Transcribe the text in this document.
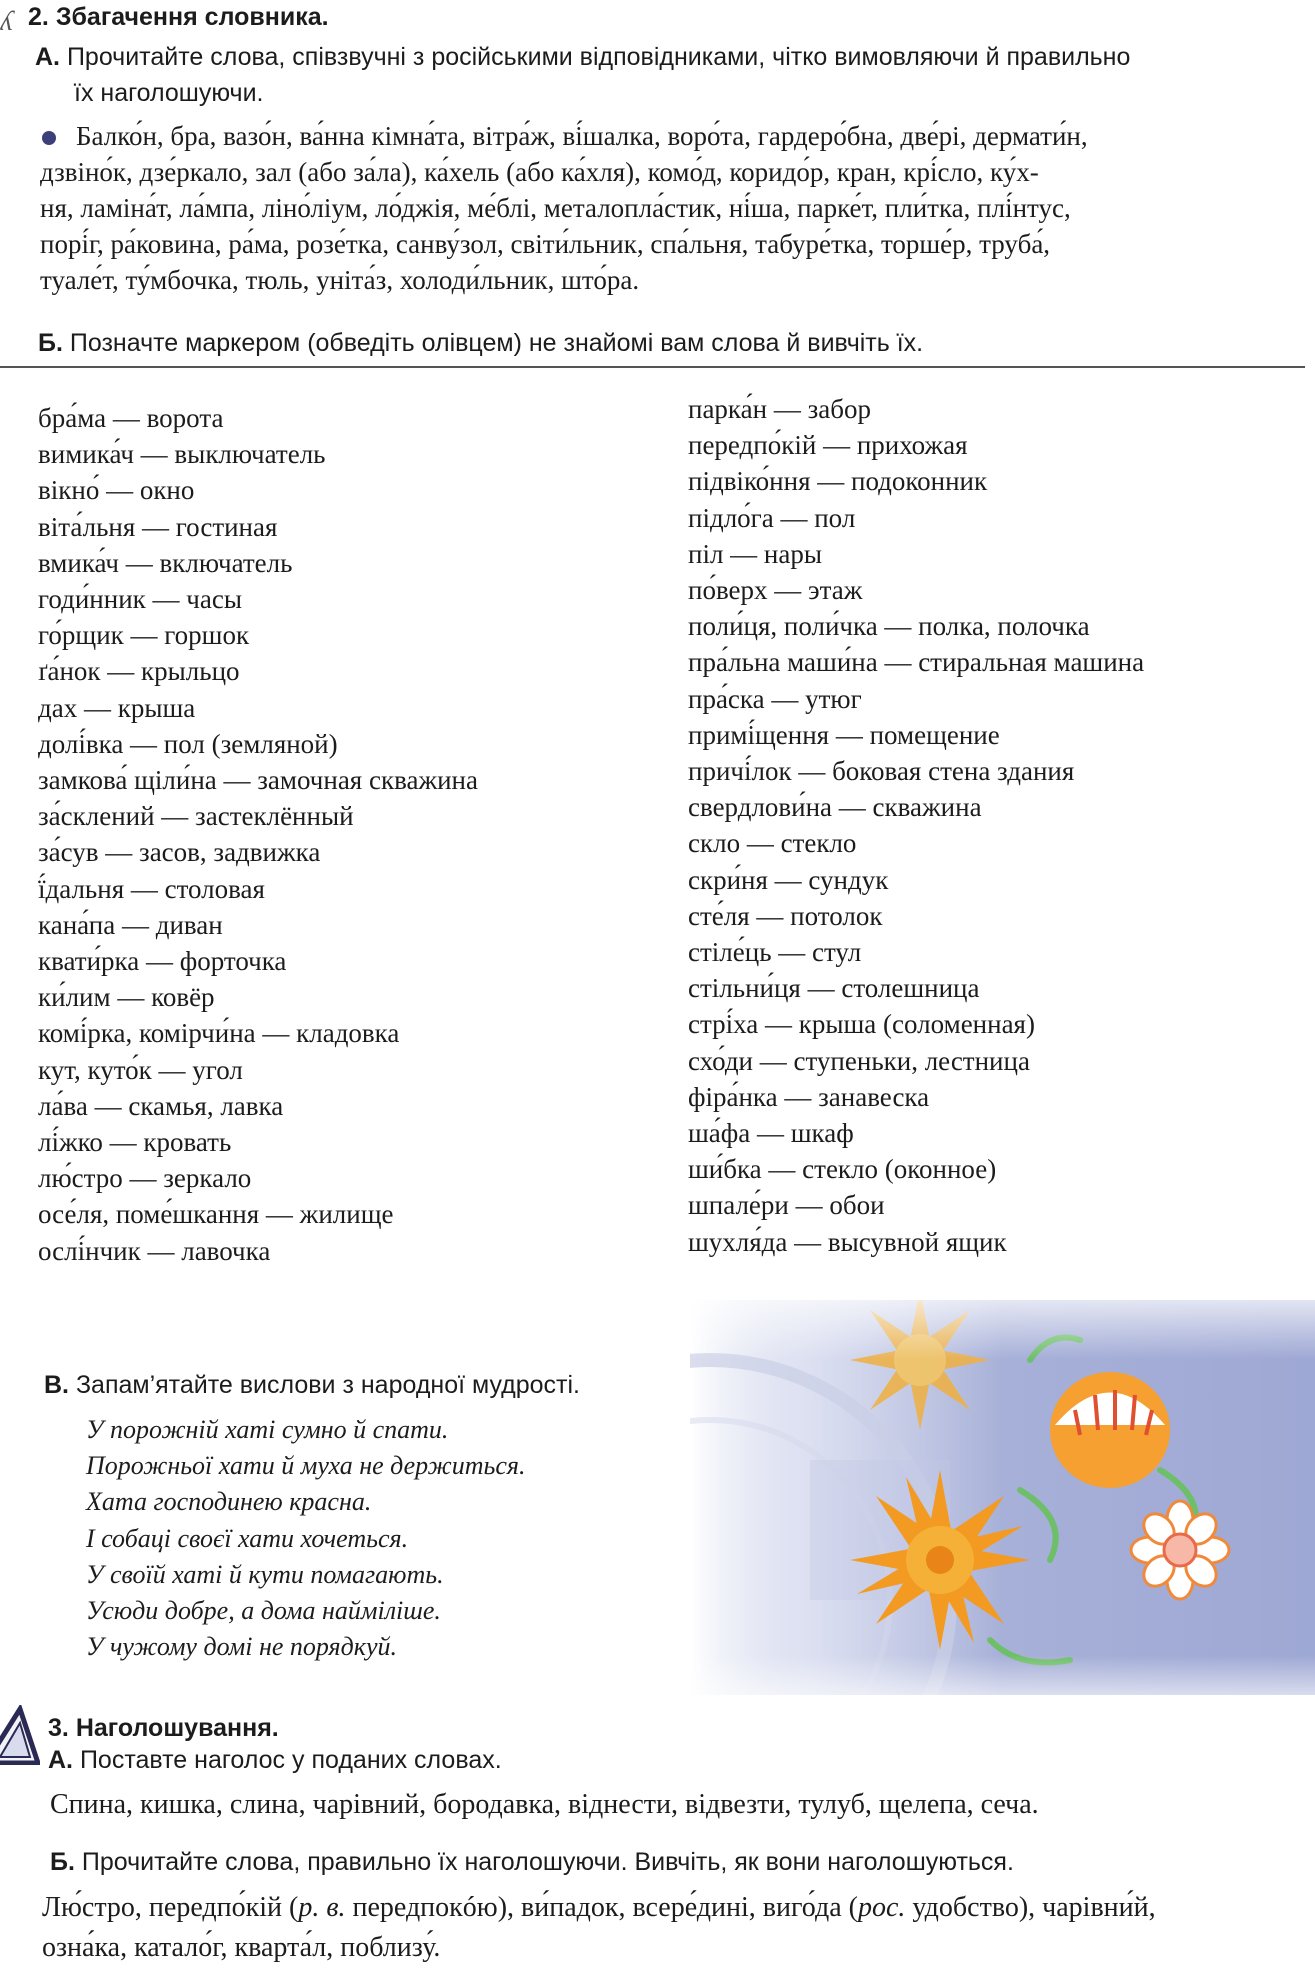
ʎ 2. Збагачення словника.
А. Прочитайте слова, співзвучні з російськими відповідниками, чітко вимовляючи й правильно
їх наголошуючи.
Балко́н, бра, вазо́н, ва́нна кімна́та, вітра́ж, ві́шалка, воро́та, гардеро́бна, две́рі, дермати́н,
дзвіно́к, дзе́ркало, зал (або за́ла), ка́хель (або ка́хля), комо́д, коридо́р, кран, крі́сло, ку́х-
ня, ламіна́т, ла́мпа, ліно́ліум, ло́джія, ме́блі, металопла́стик, ні́ша, парке́т, пли́тка, плі́нтус,
порі́г, ра́ковина, ра́ма, розе́тка, санву́зол, світи́льник, спа́льня, табуре́тка, торше́р, труба́,
туале́т, ту́мбочка, тюль, уніта́з, холоди́льник, што́ра.
Б. Позначте маркером (обведіть олівцем) не знайомі вам слова й вивчіть їх.
бра́ма — ворота
вимика́ч — выключатель
вікно́ — окно
віта́льня — гостиная
вмика́ч — включатель
годи́нник — часы
го́рщик — горшок
ґа́нок — крыльцо
дах — крыша
долі́вка — пол (земляной)
замкова́ щіли́на — замочная скважина
за́склений — застеклённый
за́сув — засов, задвижка
ї́дальня — столовая
кана́па — диван
квати́рка — форточка
ки́лим — ковёр
комі́рка, комірчи́на — кладовка
кут, куто́к — угол
ла́ва — скамья, лавка
лі́жко — кровать
лю́стро — зеркало
осе́ля, поме́шкання — жилище
ослі́нчик — лавочка
парка́н — забор
передпо́кій — прихожая
підвіко́ння — подоконник
підло́га — пол
піл — нары
по́верх — этаж
поли́ця, поли́чка — полка, полочка
пра́льна маши́на — стиральная машина
пра́ска — утюг
примі́щення — помещение
причі́лок — боковая стена здания
свердлови́на — скважина
скло — стекло
скри́ня — сундук
сте́ля — потолок
стіле́ць — стул
стільни́ця — столешница
стрі́ха — крыша (соломенная)
схо́ди — ступеньки, лестница
фіра́нка — занавеска
ша́фа — шкаф
ши́бка — стекло (оконное)
шпале́ри — обои
шухля́да — высувной ящик
В. Запам’ятайте вислови з народної мудрості.
У порожній хаті сумно й спати.
Порожньої хати й муха не держиться.
Хата господинею красна.
І собаці своєї хати хочеться.
У своїй хаті й кути помагають.
Усюди добре, а дома найміліше.
У чужому домі не порядкуй.
3. Наголошування.
А. Поставте наголос у поданих словах.
Спина, кишка, слина, чарівний, бородавка, віднести, відвезти, тулуб, щелепа, сеча.
Б. Прочитайте слова, правильно їх наголошуючи. Вивчіть, як вони наголошуються.
Лю́стро, передпо́кій (р. в. передпокóю), ви́падок, всере́дині, виго́да (рос. удобство), чарівни́й,
озна́ка, катало́г, кварта́л, поблизу́.
